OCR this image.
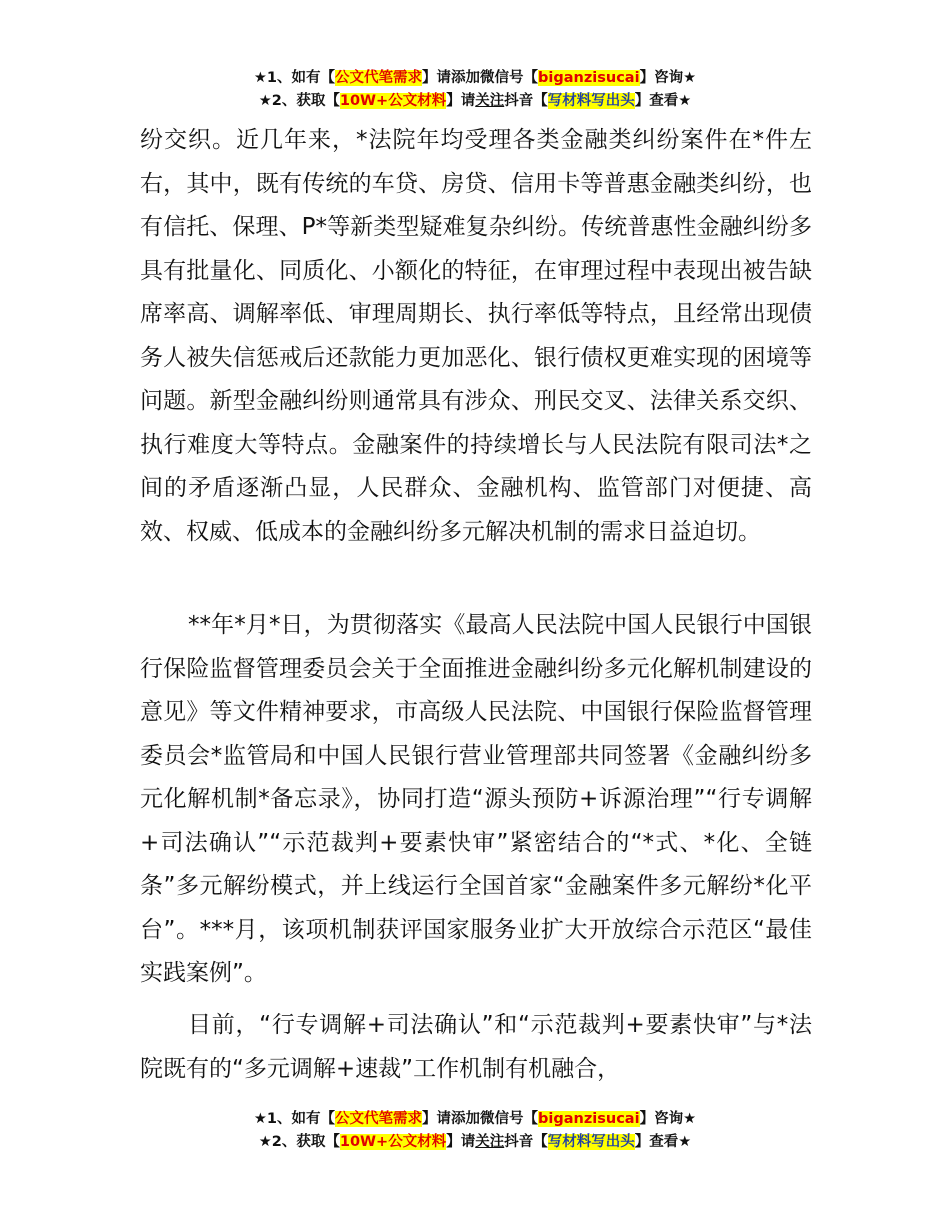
★1、如有【公文代笔需求】请添加微信号【biganzisucai】咨询★
★2、获取【10W+公文材料】请关注抖音【写材料写出头】查看★

纷交织。近几年来，*法院年均受理各类金融类纠纷案件在*件左右，其中，既有传统的车贷、房贷、信用卡等普惠金融类纠纷，也有信托、保理、P*等新类型疑难复杂纠纷。传统普惠性金融纠纷多具有批量化、同质化、小额化的特征，在审理过程中表现出被告缺席率高、调解率低、审理周期长、执行率低等特点，且经常出现债务人被失信惩戒后还款能力更加恶化、银行债权更难实现的困境等问题。新型金融纠纷则通常具有涉众、刑民交叉、法律关系交织、执行难度大等特点。金融案件的持续增长与人民法院有限司法*之间的矛盾逐渐凸显，人民群众、金融机构、监管部门对便捷、高效、权威、低成本的金融纠纷多元解决机制的需求日益迫切。

**年*月*日，为贯彻落实《最高人民法院中国人民银行中国银行保险监督管理委员会关于全面推进金融纠纷多元化解机制建设的意见》等文件精神要求，市高级人民法院、中国银行保险监督管理委员会*监管局和中国人民银行营业管理部共同签署《金融纠纷多元化解机制*备忘录》，协同打造“源头预防+诉源治理”“行专调解+司法确认”“示范裁判+要素快审”紧密结合的“*式、*化、全链条”多元解纷模式，并上线运行全国首家“金融案件多元解纷*化平台”。***月，该项机制获评国家服务业扩大开放综合示范区“最佳实践案例”。

目前，“行专调解+司法确认”和“示范裁判+要素快审”与*法院既有的“多元调解+速裁”工作机制有机融合，

★1、如有【公文代笔需求】请添加微信号【biganzisucai】咨询★
★2、获取【10W+公文材料】请关注抖音【写材料写出头】查看★
